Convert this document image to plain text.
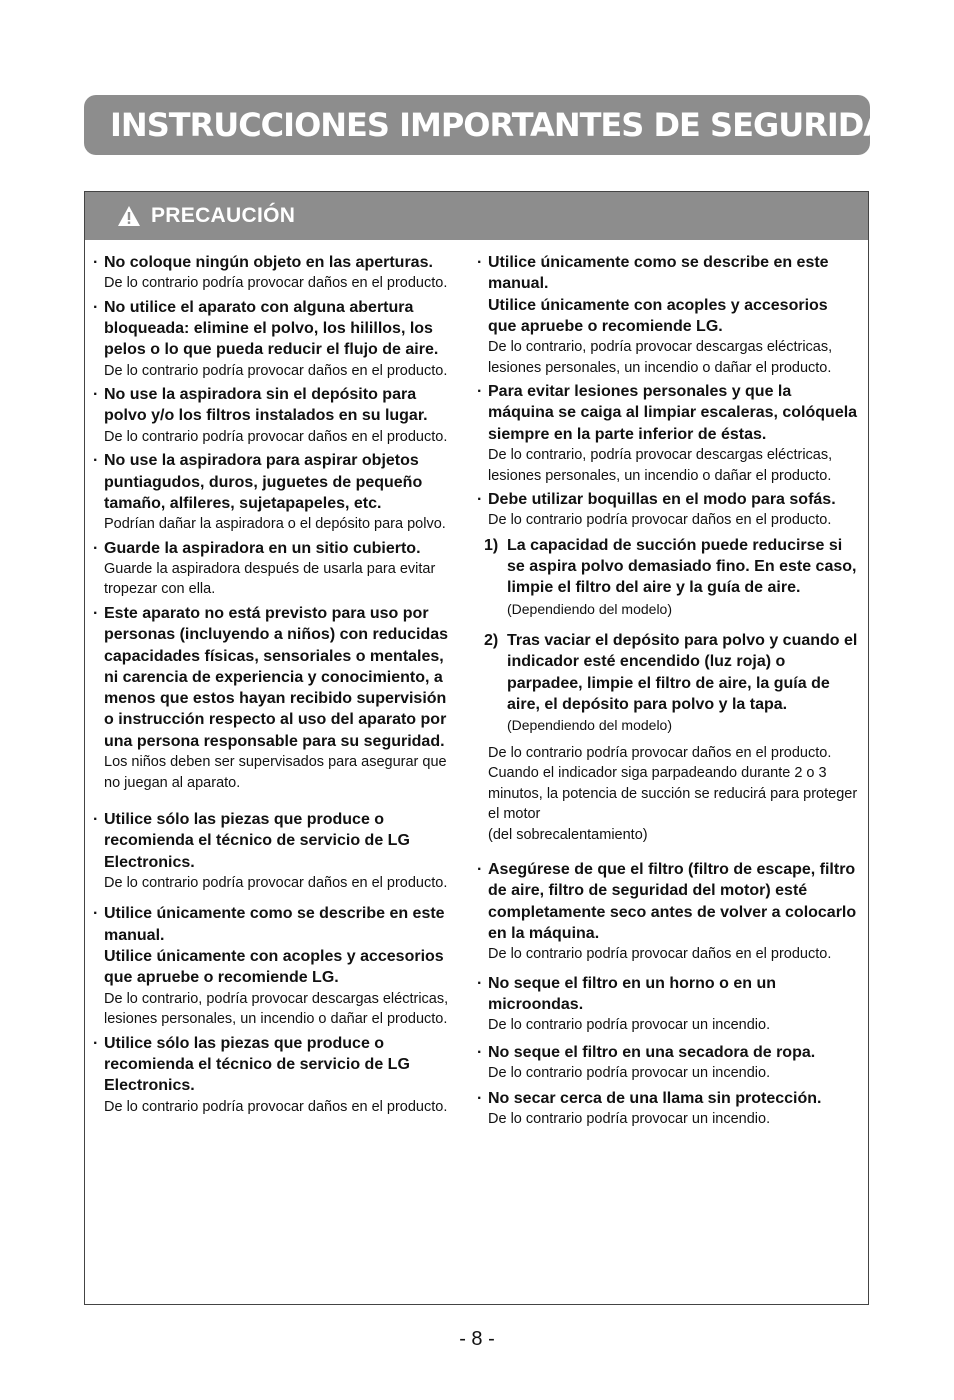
INSTRUCCIONES IMPORTANTES DE SEGURIDAD
PRECAUCIÓN

· No coloque ningún objeto en las aperturas.

De lo contrario podría provocar daños en el producto.

· No utilice el aparato con alguna abertura bloqueada: elimine el polvo, los hilillos, los pelos o lo que pueda reducir el flujo de aire.

De lo contrario podría provocar daños en el producto.

· No use la aspiradora sin el depósito para polvo y/o los filtros instalados en su lugar.

De lo contrario podría provocar daños en el producto.

· No use la aspiradora para aspirar objetos puntiagudos, duros, juguetes de pequeño tamaño, alfileres, sujetapapeles, etc.

Podrían dañar la aspiradora o el depósito para polvo.

· Guarde la aspiradora en un sitio cubierto.

Guarde la aspiradora después de usarla para evitar tropezar con ella.

· Este aparato no está previsto para uso por personas (incluyendo a niños) con reducidas capacidades físicas, sensoriales o mentales, ni carencia de experiencia y conocimiento, a menos que estos hayan recibido supervisión o instrucción respecto al uso del aparato por una persona responsable para su seguridad.

Los niños deben ser supervisados para asegurar que no juegan al aparato.

· Utilice sólo las piezas que produce o recomienda el técnico de servicio de LG Electronics.

De lo contrario podría provocar daños en el producto.

· Utilice únicamente como se describe en este manual.

Utilice únicamente con acoples y accesorios que apruebe o recomiende LG.

De lo contrario, podría provocar descargas eléctricas, lesiones personales, un incendio o dañar el producto.

· Utilice sólo las piezas que produce o recomienda el técnico de servicio de LG Electronics.

De lo contrario podría provocar daños en el producto.

· Utilice únicamente como se describe en este manual.

Utilice únicamente con acoples y accesorios que apruebe o recomiende LG.

De lo contrario, podría provocar descargas eléctricas, lesiones personales, un incendio o dañar el producto.

· Para evitar lesiones personales y que la máquina se caiga al limpiar escaleras, colóquela siempre en la parte inferior de éstas.

De lo contrario, podría provocar descargas eléctricas, lesiones personales, un incendio o dañar el producto.

· Debe utilizar boquillas en el modo para sofás.

De lo contrario podría provocar daños en el producto.

1) La capacidad de succión puede reducirse si se aspira polvo demasiado fino. En este caso, limpie el filtro del aire y la guía de aire. (Dependiendo del modelo)

2) Tras vaciar el depósito para polvo y cuando el indicador esté encendido (luz roja) o parpadee, limpie el filtro de aire, la guía de aire, el depósito para polvo y la tapa. (Dependiendo del modelo)

De lo contrario podría provocar daños en el producto. Cuando el indicador siga parpadeando durante 2 o 3 minutos, la potencia de succión se reducirá para proteger el motor

(del sobrecalentamiento)

· Asegúrese de que el filtro (filtro de escape, filtro de aire, filtro de seguridad del motor) esté completamente seco antes de volver a colocarlo en la máquina.

De lo contrario podría provocar daños en el producto.

· No seque el filtro en un horno o en un microondas.

De lo contrario podría provocar un incendio.

· No seque el filtro en una secadora de ropa.

De lo contrario podría provocar un incendio.

· No secar cerca de una llama sin protección.

De lo contrario podría provocar un incendio.

- 8 -
